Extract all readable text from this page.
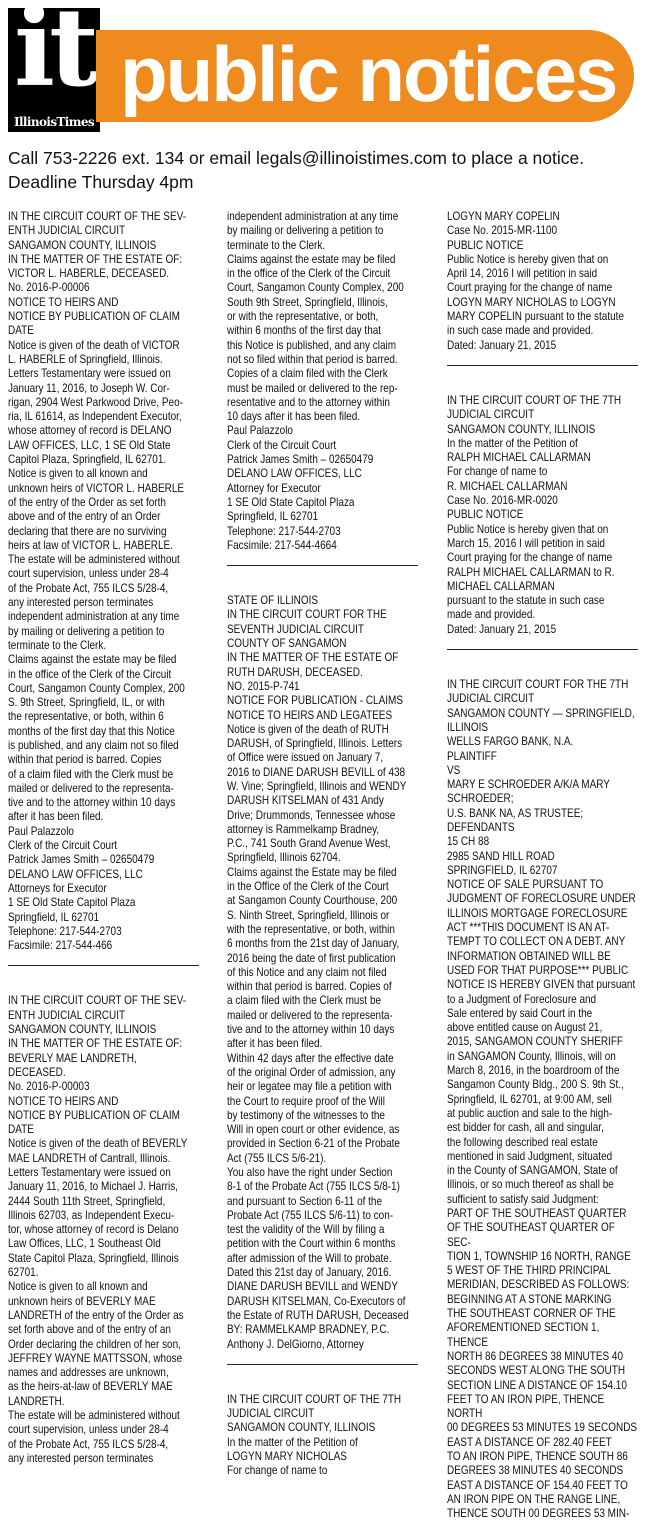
it
IllinoisTimes
public notices
Call 753-2226 ext. 134 or email legals@illinoistimes.com to place a notice.
Deadline Thursday 4pm

IN THE CIRCUIT COURT OF THE SEV-

ENTH JUDICIAL CIRCUIT

SANGAMON COUNTY, ILLINOIS

IN THE MATTER OF THE ESTATE OF:

VICTOR L. HABERLE, DECEASED.

No. 2016-P-00006

NOTICE TO HEIRS AND

NOTICE BY PUBLICATION OF CLAIM

DATE

Notice is given of the death of VICTOR

L. HABERLE of Springfield, Illinois.

Letters Testamentary were issued on

January 11, 2016, to Joseph W. Cor-

rigan, 2904 West Parkwood Drive, Peo-

ria, IL 61614, as Independent Executor,

whose attorney of record is DELANO

LAW OFFICES, LLC, 1 SE Old State

Capitol Plaza, Springfield, IL 62701.

Notice is given to all known and

unknown heirs of VICTOR L. HABERLE

of the entry of the Order as set forth

above and of the entry of an Order

declaring that there are no surviving

heirs at law of VICTOR L. HABERLE.

The estate will be administered without

court supervision, unless under 28-4

of the Probate Act, 755 ILCS 5/28-4,

any interested person terminates

independent administration at any time

by mailing or delivering a petition to

terminate to the Clerk.

Claims against the estate may be filed

in the office of the Clerk of the Circuit

Court, Sangamon County Complex, 200

S. 9th Street, Springfield, IL, or with

the representative, or both, within 6

months of the first day that this Notice

is published, and any claim not so filed

within that period is barred. Copies

of a claim filed with the Clerk must be

mailed or delivered to the representa-

tive and to the attorney within 10 days

after it has been filed.

Paul Palazzolo

Clerk of the Circuit Court

Patrick James Smith – 02650479

DELANO LAW OFFICES, LLC

Attorneys for Executor

1 SE Old State Capitol Plaza

Springfield, IL 62701

Telephone: 217-544-2703

Facsimile: 217-544-466

IN THE CIRCUIT COURT OF THE SEV-

ENTH JUDICIAL CIRCUIT

SANGAMON COUNTY, ILLINOIS

IN THE MATTER OF THE ESTATE OF:

BEVERLY MAE LANDRETH,

DECEASED.

No. 2016-P-00003

NOTICE TO HEIRS AND

NOTICE BY PUBLICATION OF CLAIM

DATE

Notice is given of the death of BEVERLY

MAE LANDRETH of Cantrall, Illinois.

Letters Testamentary were issued on

January 11, 2016, to Michael J. Harris,

2444 South 11th Street, Springfield,

Illinois 62703, as Independent Execu-

tor, whose attorney of record is Delano

Law Offices, LLC, 1 Southeast Old

State Capitol Plaza, Springfield, Illinois

62701.

Notice is given to all known and

unknown heirs of BEVERLY MAE

LANDRETH of the entry of the Order as

set forth above and of the entry of an

Order declaring the children of her son,

JEFFREY WAYNE MATTSSON, whose

names and addresses are unknown,

as the heirs-at-law of BEVERLY MAE

LANDRETH.

The estate will be administered without

court supervision, unless under 28-4

of the Probate Act, 755 ILCS 5/28-4,

any interested person terminates

independent administration at any time

by mailing or delivering a petition to

terminate to the Clerk.

Claims against the estate may be filed

in the office of the Clerk of the Circuit

Court, Sangamon County Complex, 200

South 9th Street, Springfield, Illinois,

or with the representative, or both,

within 6 months of the first day that

this Notice is published, and any claim

not so filed within that period is barred.

Copies of a claim filed with the Clerk

must be mailed or delivered to the rep-

resentative and to the attorney within

10 days after it has been filed.

Paul Palazzolo

Clerk of the Circuit Court

Patrick James Smith – 02650479

DELANO LAW OFFICES, LLC

Attorney for Executor

1 SE Old State Capitol Plaza

Springfield, IL 62701

Telephone: 217-544-2703

Facsimile: 217-544-4664

STATE OF ILLINOIS

IN THE CIRCUIT COURT FOR THE

SEVENTH JUDICIAL CIRCUIT

COUNTY OF SANGAMON

IN THE MATTER OF THE ESTATE OF

RUTH DARUSH, DECEASED.

NO. 2015-P-741

NOTICE FOR PUBLICATION - CLAIMS

NOTICE TO HEIRS AND LEGATEES

Notice is given of the death of RUTH

DARUSH, of Springfield, Illinois. Letters

of Office were issued on January 7,

2016 to DIANE DARUSH BEVILL of 438

W. Vine; Springfield, Illinois and WENDY

DARUSH KITSELMAN of 431 Andy

Drive; Drummonds, Tennessee whose

attorney is Rammelkamp Bradney,

P.C., 741 South Grand Avenue West,

Springfield, Illinois 62704.

Claims against the Estate may be filed

in the Office of the Clerk of the Court

at Sangamon County Courthouse, 200

S. Ninth Street, Springfield, Illinois or

with the representative, or both, within

6 months from the 21st day of January,

2016 being the date of first publication

of this Notice and any claim not filed

within that period is barred. Copies of

a claim filed with the Clerk must be

mailed or delivered to the representa-

tive and to the attorney within 10 days

after it has been filed.

Within 42 days after the effective date

of the original Order of admission, any

heir or legatee may file a petition with

the Court to require proof of the Will

by testimony of the witnesses to the

Will in open court or other evidence, as

provided in Section 6-21 of the Probate

Act (755 ILCS 5/6-21).

You also have the right under Section

8-1 of the Probate Act (755 ILCS 5/8-1)

and pursuant to Section 6-11 of the

Probate Act (755 ILCS 5/6-11) to con-

test the validity of the Will by filing a

petition with the Court within 6 months

after admission of the Will to probate.

Dated this 21st day of January, 2016.

DIANE DARUSH BEVILL and WENDY

DARUSH KITSELMAN, Co-Executors of

the Estate of RUTH DARUSH, Deceased

BY: RAMMELKAMP BRADNEY, P.C.

Anthony J. DelGiorno, Attorney

IN THE CIRCUIT COURT OF THE 7TH

JUDICIAL CIRCUIT

SANGAMON COUNTY, ILLINOIS

In the matter of the Petition of

LOGYN MARY NICHOLAS

For change of name to

LOGYN MARY COPELIN

Case No. 2015-MR-1100

PUBLIC NOTICE

Public Notice is hereby given that on

April 14, 2016 I will petition in said

Court praying for the change of name

LOGYN MARY NICHOLAS to LOGYN

MARY COPELIN pursuant to the statute

in such case made and provided.

Dated: January 21, 2015

IN THE CIRCUIT COURT OF THE 7TH

JUDICIAL CIRCUIT

SANGAMON COUNTY, ILLINOIS

In the matter of the Petition of

RALPH MICHAEL CALLARMAN

For change of name to

R. MICHAEL CALLARMAN

Case No. 2016-MR-0020

PUBLIC NOTICE

Public Notice is hereby given that on

March 15, 2016 I will petition in said

Court praying for the change of name

RALPH MICHAEL CALLARMAN to R.

MICHAEL CALLARMAN

pursuant to the statute in such case

made and provided.

Dated: January 21, 2015

IN THE CIRCUIT COURT FOR THE 7TH

JUDICIAL CIRCUIT

SANGAMON COUNTY — SPRINGFIELD,

ILLINOIS

WELLS FARGO BANK, N.A.

PLAINTIFF

VS

MARY E SCHROEDER A/K/A MARY

SCHROEDER;

U.S. BANK NA, AS TRUSTEE;

DEFENDANTS

15 CH 88

2985 SAND HILL ROAD

SPRINGFIELD, IL 62707

NOTICE OF SALE PURSUANT TO

JUDGMENT OF FORECLOSURE UNDER

ILLINOIS MORTGAGE FORECLOSURE

ACT ***THIS DOCUMENT IS AN AT-

TEMPT TO COLLECT ON A DEBT. ANY

INFORMATION OBTAINED WILL BE

USED FOR THAT PURPOSE*** PUBLIC

NOTICE IS HEREBY GIVEN that pursuant

to a Judgment of Foreclosure and

Sale entered by said Court in the

above entitled cause on August 21,

2015, SANGAMON COUNTY SHERIFF

in SANGAMON County, Illinois, will on

March 8, 2016, in the boardroom of the

Sangamon County Bldg., 200 S. 9th St.,

Springfield, IL 62701, at 9:00 AM, sell

at public auction and sale to the high-

est bidder for cash, all and singular,

the following described real estate

mentioned in said Judgment, situated

in the County of SANGAMON, State of

Illinois, or so much thereof as shall be

sufficient to satisfy said Judgment:

PART OF THE SOUTHEAST QUARTER

OF THE SOUTHEAST QUARTER OF SEC-

TION 1, TOWNSHIP 16 NORTH, RANGE

5 WEST OF THE THIRD PRINCIPAL

MERIDIAN, DESCRIBED AS FOLLOWS:

BEGINNING AT A STONE MARKING

THE SOUTHEAST CORNER OF THE

AFOREMENTIONED SECTION 1, THENCE

NORTH 86 DEGREES 38 MINUTES 40

SECONDS WEST ALONG THE SOUTH

SECTION LINE A DISTANCE OF 154.10

FEET TO AN IRON PIPE, THENCE NORTH

00 DEGREES 53 MINUTES 19 SECONDS

EAST A DISTANCE OF 282.40 FEET

TO AN IRON PIPE, THENCE SOUTH 86

DEGREES 38 MINUTES 40 SECONDS

EAST A DISTANCE OF 154.40 FEET TO

AN IRON PIPE ON THE RANGE LINE,

THENCE SOUTH 00 DEGREES 53 MIN-
